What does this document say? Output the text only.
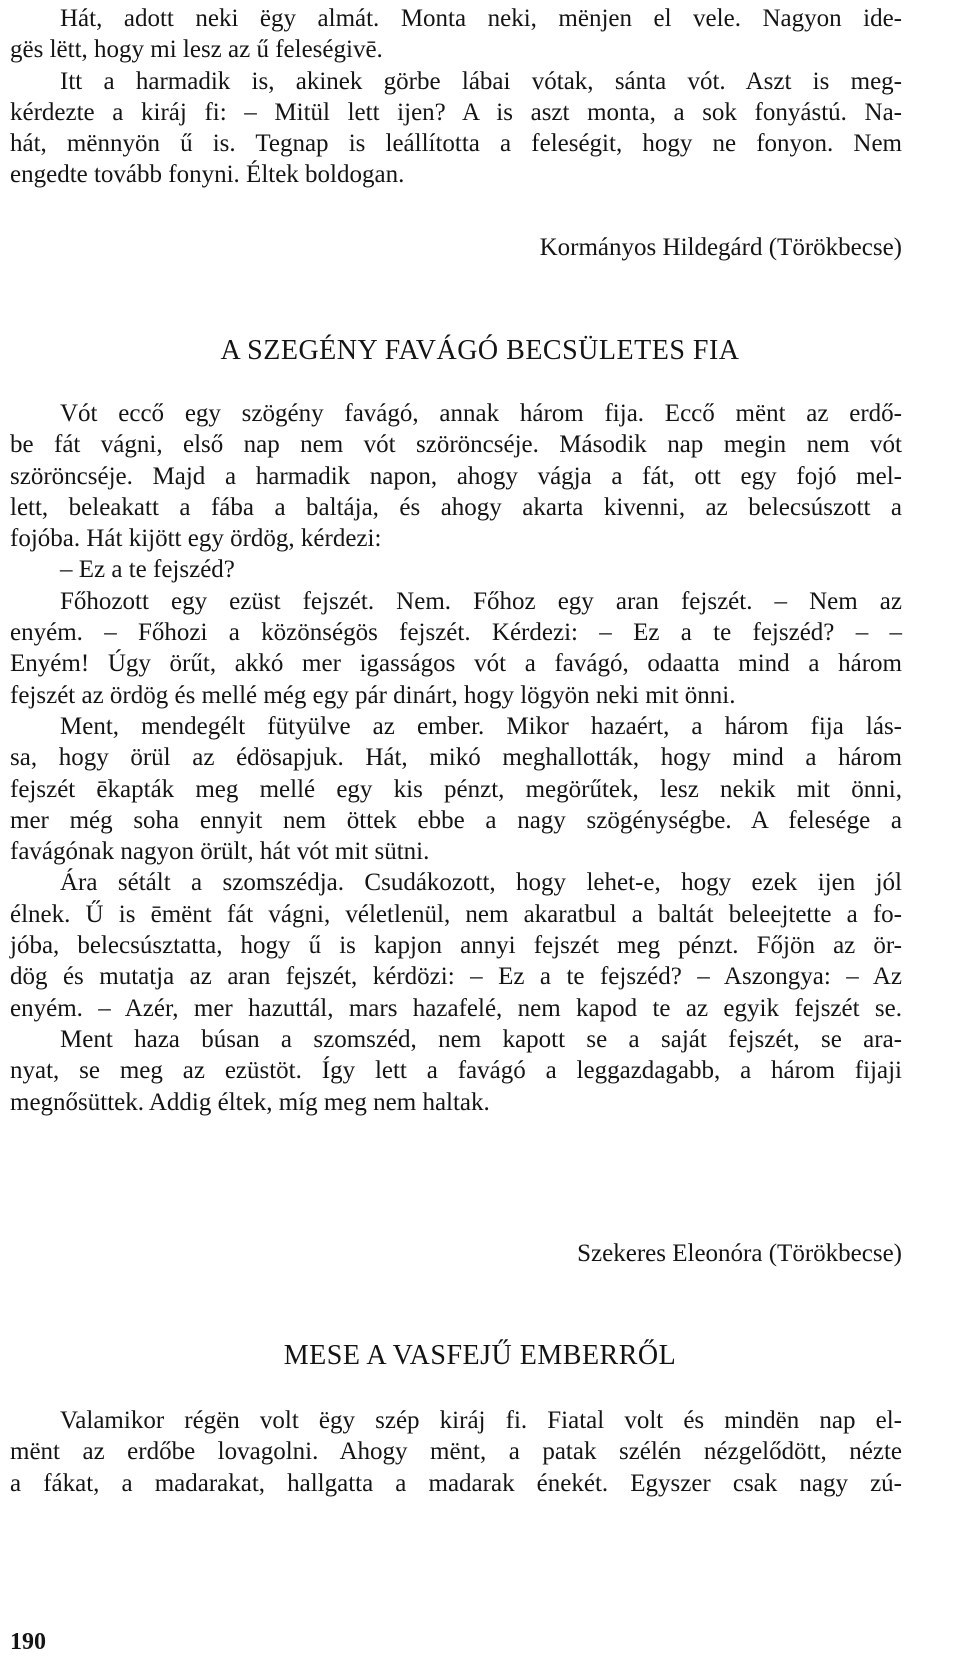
Hát, adott neki ëgy almát. Monta neki, mënjen el vele. Nagyon ide-

gës lëtt, hogy mi lesz az ű feleségivē.

Itt a harmadik is, akinek görbe lábai vótak, sánta vót. Aszt is meg-

kérdezte a kiráj fi: – Mitül lett ijen? A is aszt monta, a sok fonyástú. Na-

hát, mënnyön ű is. Tegnap is leállította a feleségit, hogy ne fonyon. Nem

engedte tovább fonyni. Éltek boldogan.

Kormányos Hildegárd (Törökbecse)
A SZEGÉNY FAVÁGÓ BECSÜLETES FIA

Vót eccő egy szögény favágó, annak három fija. Eccő mënt az erdő-

be fát vágni, első nap nem vót szöröncséje. Második nap megin nem vót

szöröncséje. Majd a harmadik napon, ahogy vágja a fát, ott egy fojó mel-

lett, beleakatt a fába a baltája, és ahogy akarta kivenni, az belecsúszott a

fojóba. Hát kijött egy ördög, kérdezi:

– Ez a te fejszéd?

Főhozott egy ezüst fejszét. Nem. Főhoz egy aran fejszét. – Nem az

enyém. – Főhozi a közönségös fejszét. Kérdezi: – Ez a te fejszéd? – –

Enyém! Úgy örűt, akkó mer igasságos vót a favágó, odaatta mind a három

fejszét az ördög és mellé még egy pár dinárt, hogy lögyön neki mit önni.

Ment, mendegélt fütyülve az ember. Mikor hazaért, a három fija lás-

sa, hogy örül az édösapjuk. Hát, mikó meghallották, hogy mind a három

fejszét ēkapták meg mellé egy kis pénzt, megörűtek, lesz nekik mit önni,

mer még soha ennyit nem öttek ebbe a nagy szögénységbe. A felesége a

favágónak nagyon örült, hát vót mit sütni.

Ára sétált a szomszédja. Csudákozott, hogy lehet-e, hogy ezek ijen jól

élnek. Ű is ēmënt fát vágni, véletlenül, nem akaratbul a baltát beleejtette a fo-

jóba, belecsúsztatta, hogy ű is kapjon annyi fejszét meg pénzt. Főjön az ör-

dög és mutatja az aran fejszét, kérdözi: – Ez a te fejszéd? – Aszongya: – Az

enyém. – Azér, mer hazuttál, mars hazafelé, nem kapod te az egyik fejszét se.

Ment haza búsan a szomszéd, nem kapott se a saját fejszét, se ara-

nyat, se meg az ezüstöt. Így lett a favágó a leggazdagabb, a három fijaji

megnősüttek. Addig éltek, míg meg nem haltak.

Szekeres Eleonóra (Törökbecse)
MESE A VASFEJŰ EMBERRŐL

Valamikor régën volt ëgy szép kiráj fi. Fiatal volt és mindën nap el-

mënt az erdőbe lovagolni. Ahogy mënt, a patak szélén nézgelődött, nézte

a fákat, a madarakat, hallgatta a madarak énekét. Egyszer csak nagy zú-

190
